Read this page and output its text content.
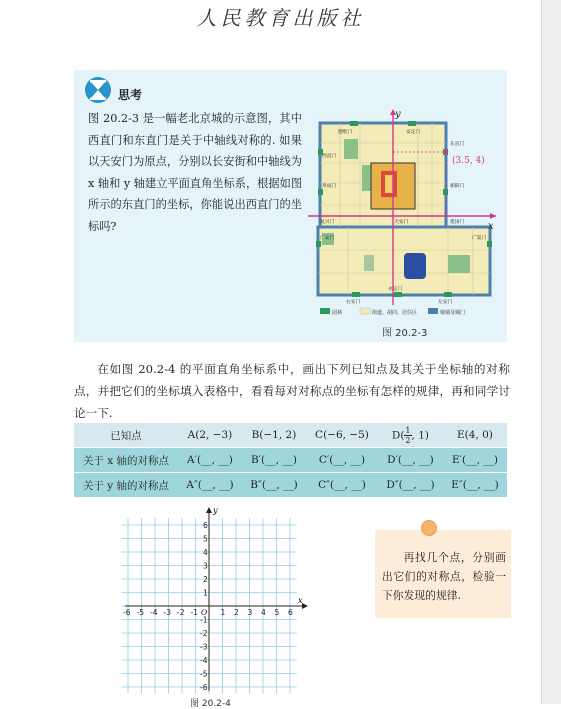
人民教育出版社
思考
图 20.2-3 是一幅老北京城的示意图，其中西直门和东直门是关于中轴线对称的. 如果以天安门为原点，分别以长安街和中轴线为 x 轴和 y 轴建立平面直角坐标系，根据如图所示的东直门的坐标，你能说出西直门的坐标吗?
y
x
(3.5, 4)
德胜门	安定门
西直门
东直门
阜成门	朝阳门
复兴门	建国门
天安门
广安门	广渠门
右安门
永定门
左安门
园林	街道、胡同、居住区	城墙及城门
图 20.2-3
在如图 20.2-4 的平面直角坐标系中，画出下列已知点及其关于坐标轴的对称点，并把它们的坐标填入表格中，看看每对对称点的坐标有怎样的规律，再和同学讨论一下.
已知点	A(2, −3)	B(−1, 2)	C(−6, −5)	$D( \frac{1}{2}$ , 1)	E(4, 0)
关于 x 轴的对称点	A′(__, __)	B′(__, __)	C′(__, __)	D′(__, __)	E′(__, __)
关于 y 轴的对称点	A″(__, __)	B″(__, __)	C″(__, __)	D″(__, __)	E″(__, __)
x
y
O
-6 -5 -4 -3 -2 -1	1 2 3 4 5 6
6
5
4
3
2
1
-1
-2
-3
-4
-5
-6
图 20.2-4
再找几个点，分别画出它们的对称点，检验一下你发现的规律.
